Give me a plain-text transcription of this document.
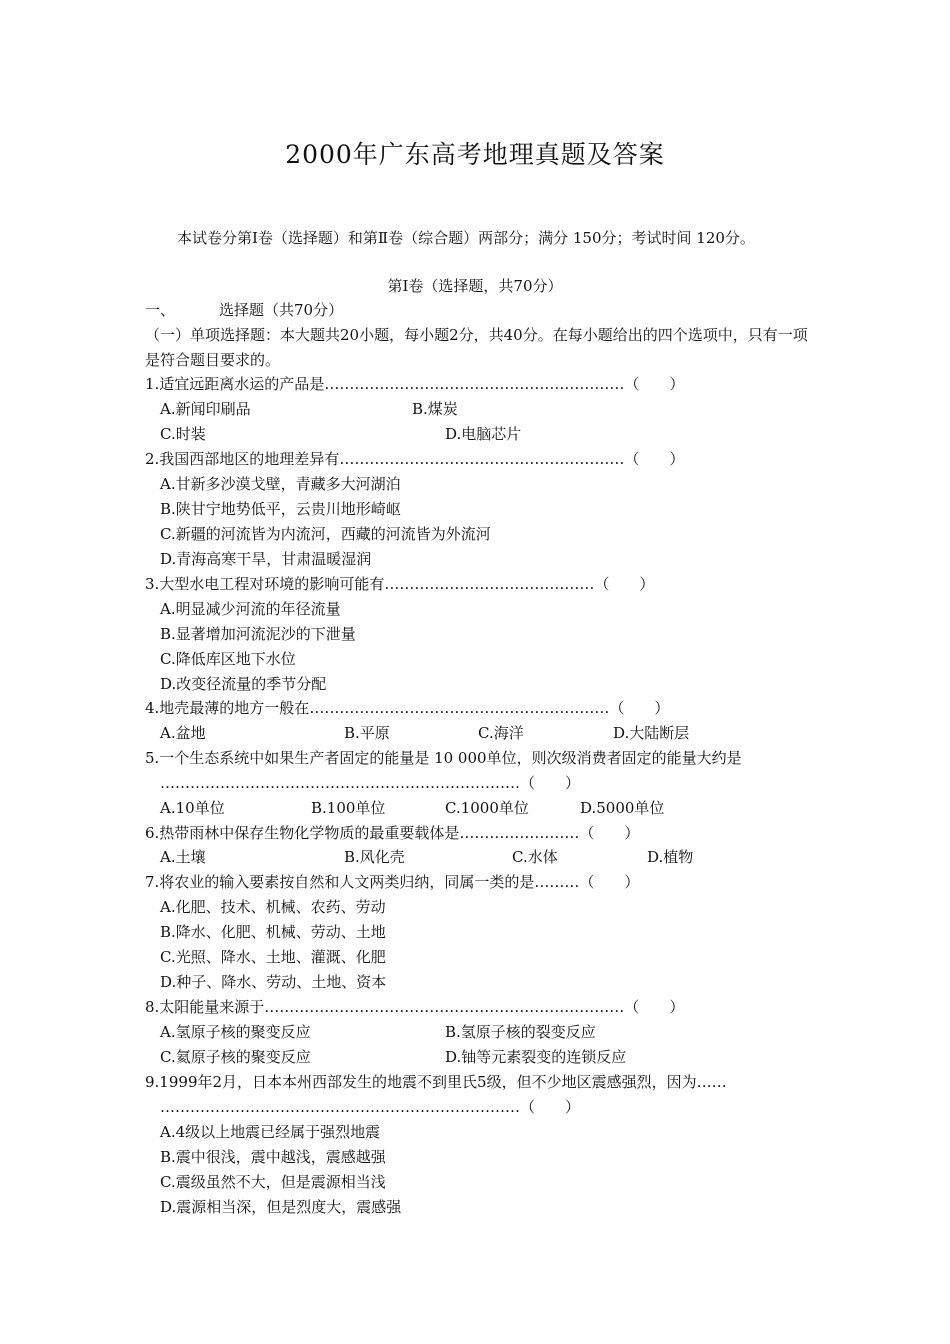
2000年广东高考地理真题及答案
本试卷分第Ⅰ卷（选择题）和第Ⅱ卷（综合题）两部分；满分 150分；考试时间 120分。
第Ⅰ卷（选择题，共70分）
一、	选择题（共70分）
（一）单项选择题：本大题共20小题，每小题2分，共40分。在每小题给出的四个选项中，只有一项是符合题目要求的。
1.适宜远距离水运的产品是……………………………………………………（　　）
A.新闻印刷品	B.煤炭
C.时装	D.电脑芯片
2.我国西部地区的地理差异有…………………………………………………（　　）
A.甘新多沙漠戈壁，青藏多大河湖泊
B.陕甘宁地势低平，云贵川地形崎岖
C.新疆的河流皆为内流河，西藏的河流皆为外流河
D.青海高寒干旱，甘肃温暖湿润
3.大型水电工程对环境的影响可能有……………………………………（　　）
A.明显减少河流的年径流量
B.显著增加河流泥沙的下泄量
C.降低库区地下水位
D.改变径流量的季节分配
4.地壳最薄的地方一般在……………………………………………………（　　）
A.盆地	B.平原	C.海洋	D.大陆断层
5.一个生态系统中如果生产者固定的能量是 10 000单位，则次级消费者固定的能量大约是
………………………………………………………………（　　）
A.10单位	B.100单位	C.1000单位	D.5000单位
6.热带雨林中保存生物化学物质的最重要载体是……………………（　　）
A.土壤	B.风化壳	C.水体	D.植物
7.将农业的输入要素按自然和人文两类归纳，同属一类的是………（　　）
A.化肥、技术、机械、农药、劳动
B.降水、化肥、机械、劳动、土地
C.光照、降水、土地、灌溉、化肥
D.种子、降水、劳动、土地、资本
8.太阳能量来源于………………………………………………………………（　　）
A.氢原子核的聚变反应	B.氢原子核的裂变反应
C.氦原子核的聚变反应	D.铀等元素裂变的连锁反应
9.1999年2月，日本本州西部发生的地震不到里氏5级，但不少地区震感强烈，因为……
………………………………………………………………（　　）
A.4级以上地震已经属于强烈地震
B.震中很浅，震中越浅，震感越强
C.震级虽然不大，但是震源相当浅
D.震源相当深，但是烈度大，震感强
